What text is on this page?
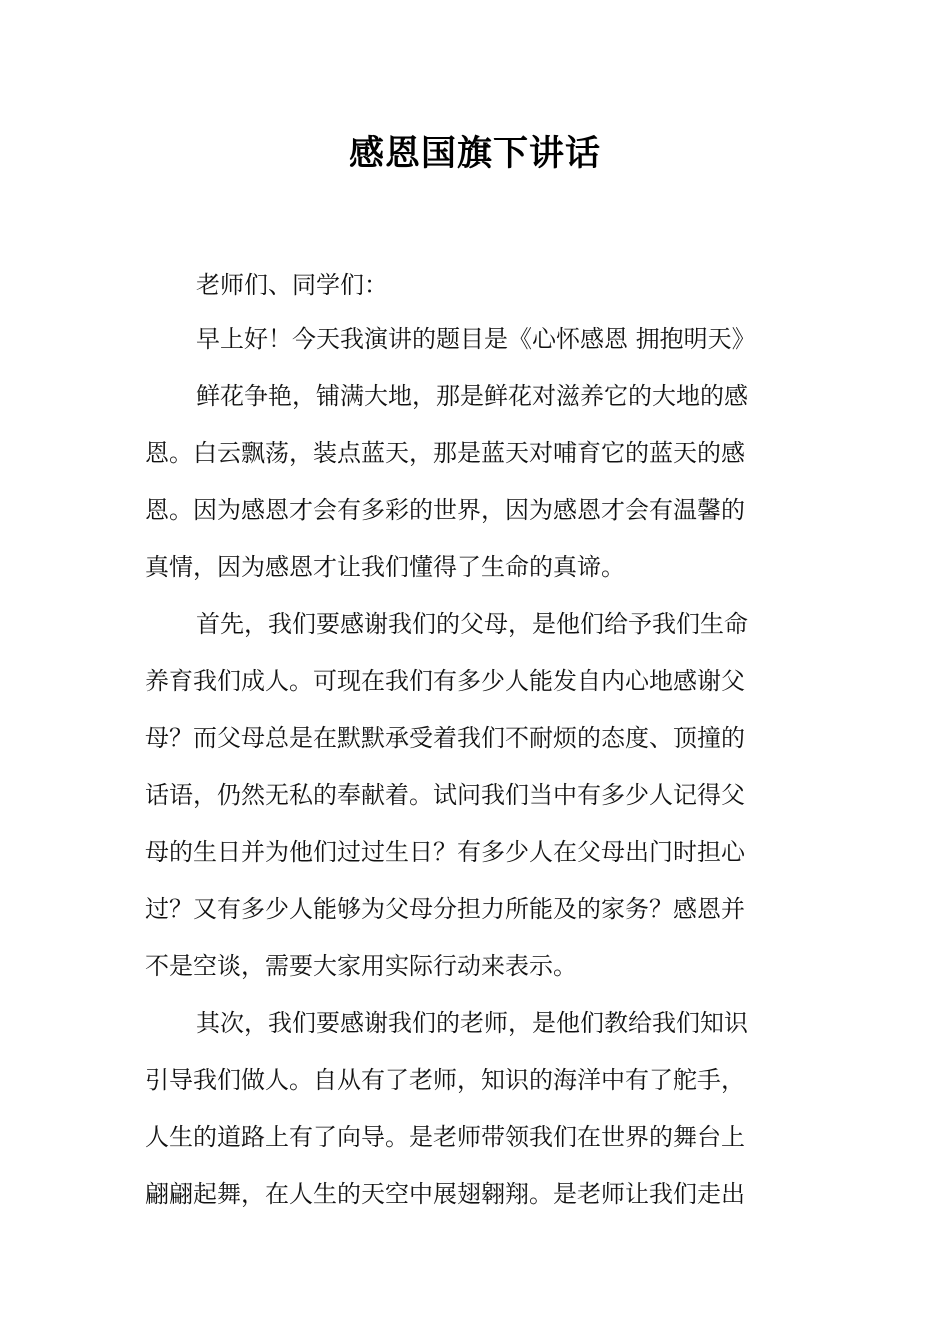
感恩国旗下讲话

老师们、同学们：

早上好！今天我演讲的题目是《心怀感恩 拥抱明天》

鲜花争艳，铺满大地，那是鲜花对滋养它的大地的感

恩。白云飘荡，装点蓝天，那是蓝天对哺育它的蓝天的感

恩。因为感恩才会有多彩的世界，因为感恩才会有温馨的

真情，因为感恩才让我们懂得了生命的真谛。

首先，我们要感谢我们的父母，是他们给予我们生命

养育我们成人。可现在我们有多少人能发自内心地感谢父

母？而父母总是在默默承受着我们不耐烦的态度、顶撞的

话语，仍然无私的奉献着。试问我们当中有多少人记得父

母的生日并为他们过过生日？有多少人在父母出门时担心

过？又有多少人能够为父母分担力所能及的家务？感恩并

不是空谈，需要大家用实际行动来表示。

其次，我们要感谢我们的老师，是他们教给我们知识

引导我们做人。自从有了老师，知识的海洋中有了舵手，

人生的道路上有了向导。是老师带领我们在世界的舞台上

翩翩起舞，在人生的天空中展翅翱翔。是老师让我们走出
